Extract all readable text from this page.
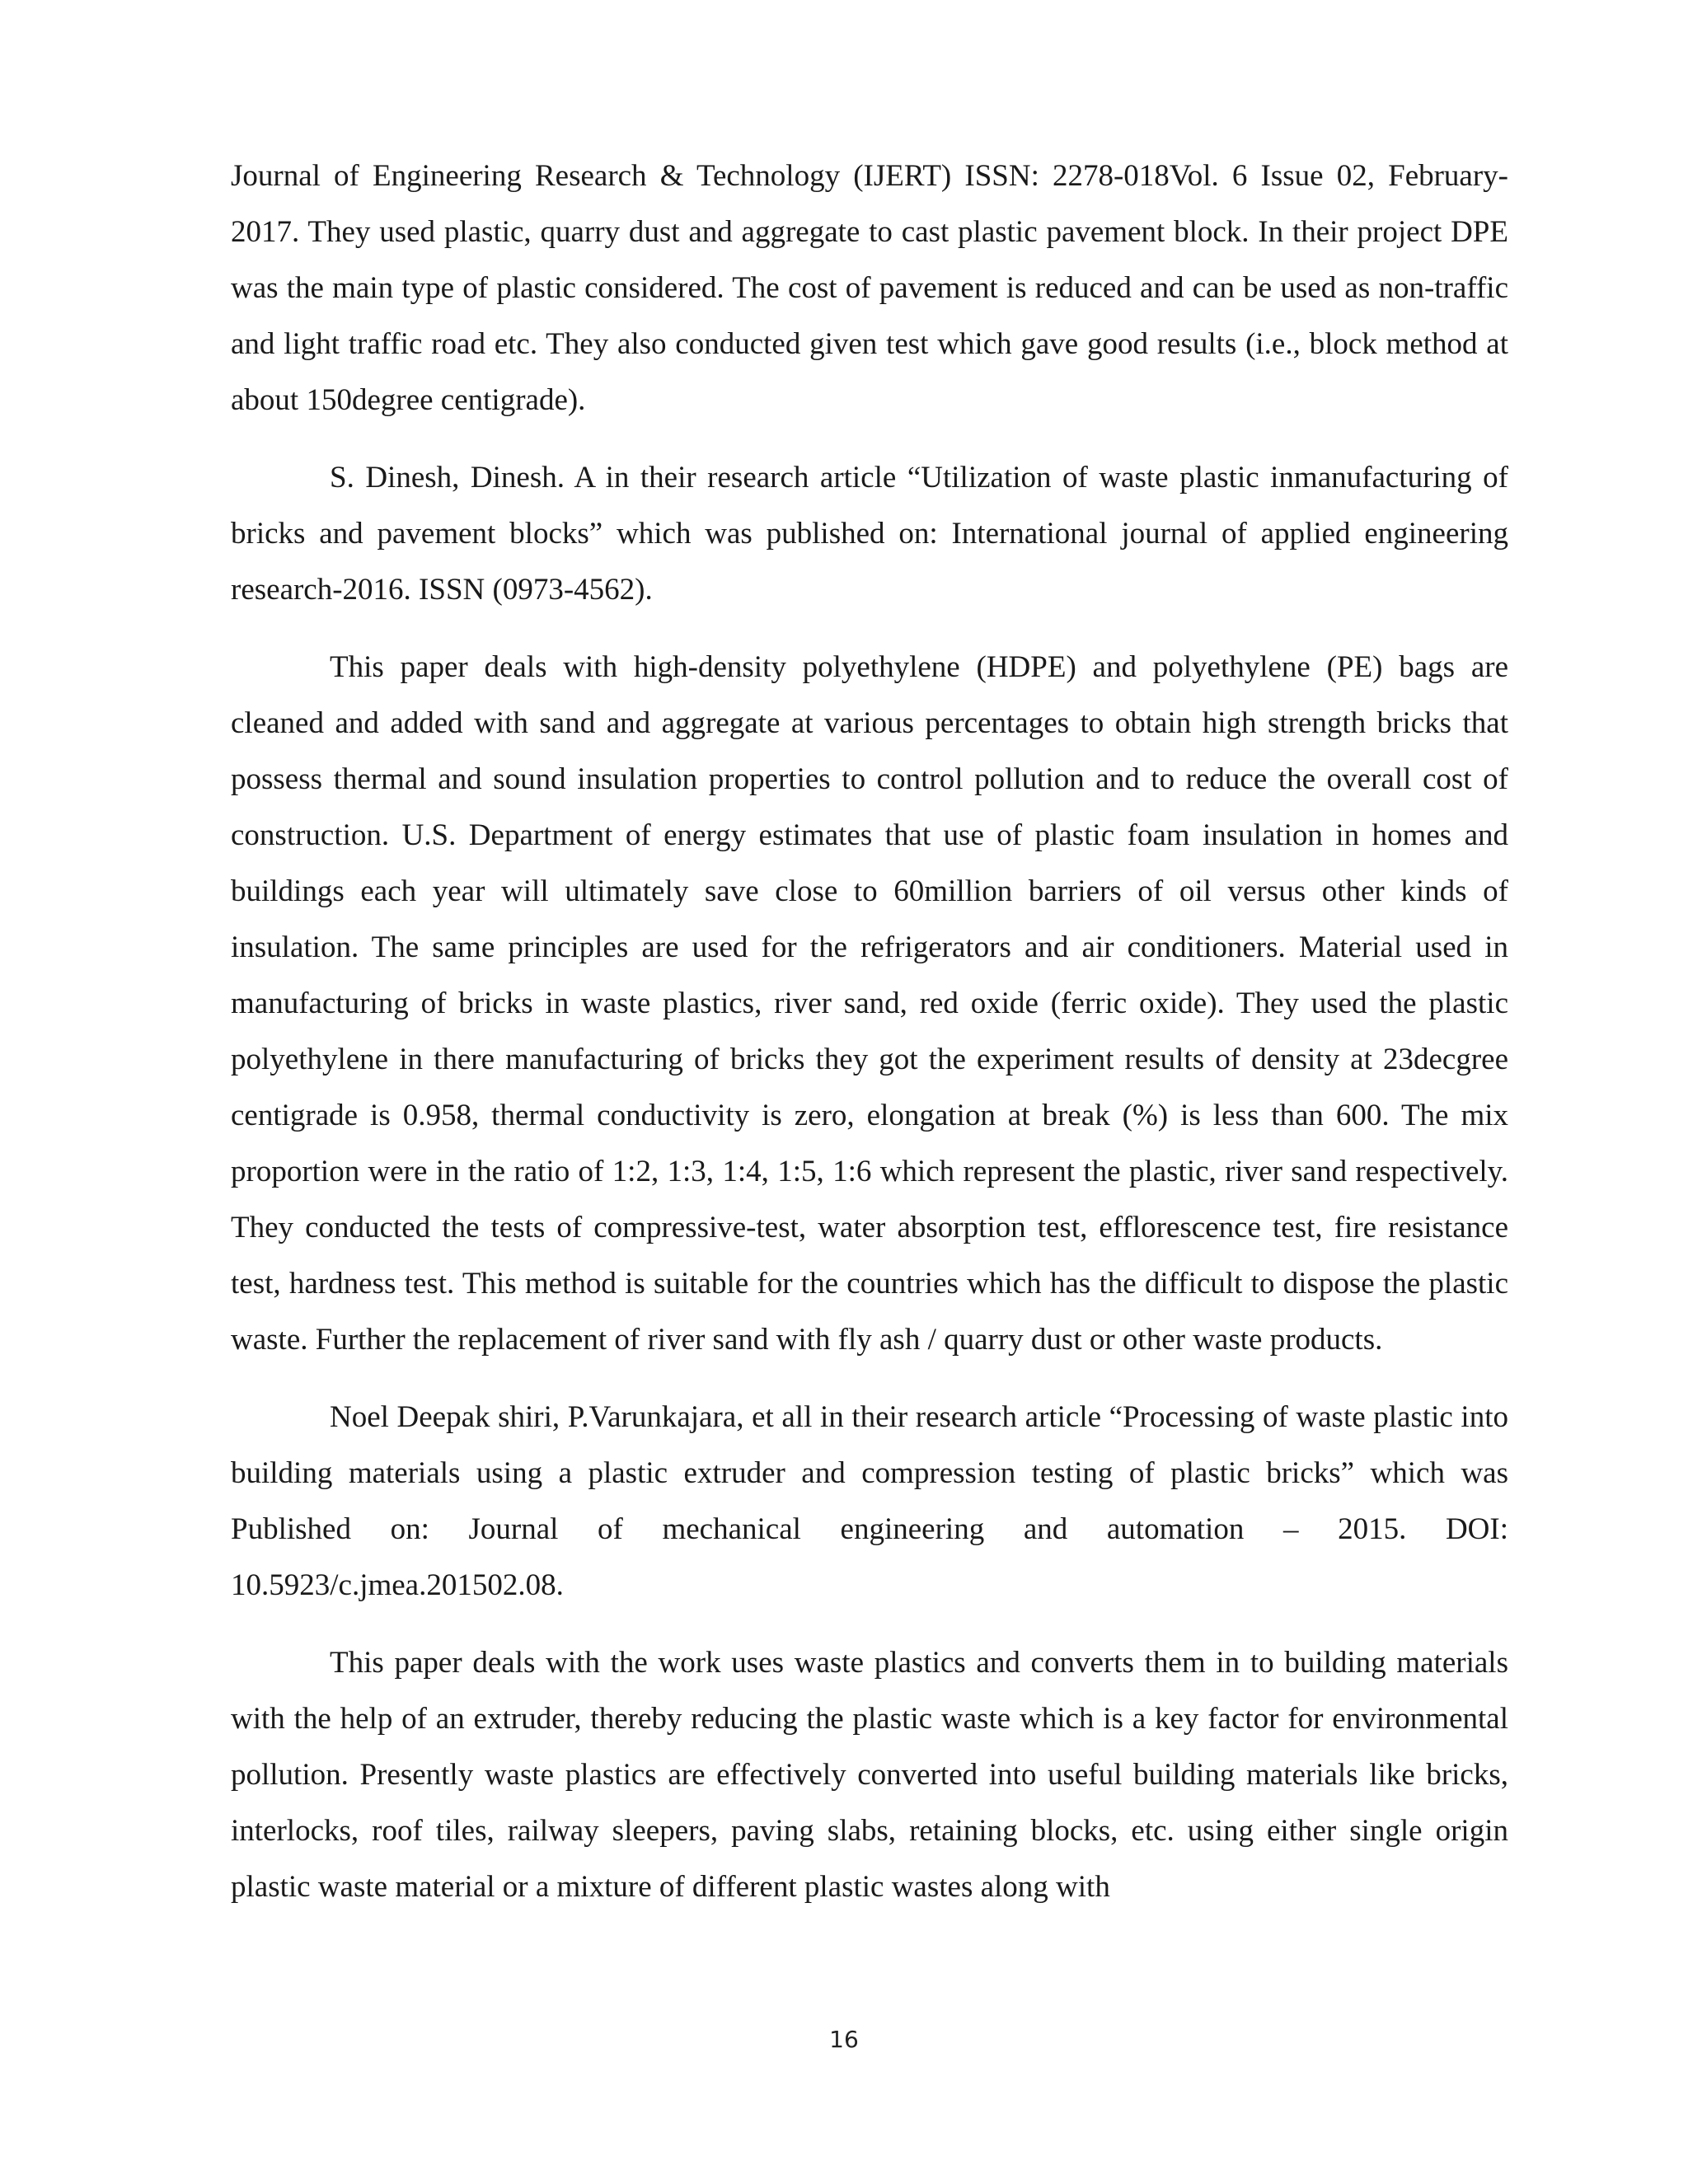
Journal of Engineering Research & Technology (IJERT) ISSN: 2278-018Vol. 6 Issue 02, February-2017. They used plastic, quarry dust and aggregate to cast plastic pavement block. In their project DPE was the main type of plastic considered. The cost of pavement is reduced and can be used as non-traffic and light traffic road etc. They also conducted given test which gave good results (i.e., block method at about 150degree centigrade).

S. Dinesh, Dinesh. A in their research article “Utilization of waste plastic inmanufacturing of bricks and pavement blocks” which was published on: International journal of applied engineering research-2016. ISSN (0973-4562).

This paper deals with high-density polyethylene (HDPE) and polyethylene (PE) bags are cleaned and added with sand and aggregate at various percentages to obtain high strength bricks that possess thermal and sound insulation properties to control pollution and to reduce the overall cost of construction. U.S. Department of energy estimates that use of plastic foam insulation in homes and buildings each year will ultimately save close to 60million barriers of oil versus other kinds of insulation. The same principles are used for the refrigerators and air conditioners. Material used in manufacturing of bricks in waste plastics, river sand, red oxide (ferric oxide). They used the plastic polyethylene in there manufacturing of bricks they got the experiment results of density at 23decgree centigrade is 0.958, thermal conductivity is zero, elongation at break (%) is less than 600. The mix proportion were in the ratio of 1:2, 1:3, 1:4, 1:5, 1:6 which represent the plastic, river sand respectively. They conducted the tests of compressive-test, water absorption test, efflorescence test, fire resistance test, hardness test. This method is suitable for the countries which has the difficult to dispose the plastic waste. Further the replacement of river sand with fly ash / quarry dust or other waste products.

Noel Deepak shiri, P.Varunkajara, et all in their research article “Processing of waste plastic into building materials using a plastic extruder and compression testing of plastic bricks” which was Published on: Journal of mechanical engineering and automation – 2015. DOI: 10.5923/c.jmea.201502.08.

This paper deals with the work uses waste plastics and converts them in to building materials with the help of an extruder, thereby reducing the plastic waste which is a key factor for environmental pollution. Presently waste plastics are effectively converted into useful building materials like bricks, interlocks, roof tiles, railway sleepers, paving slabs, retaining blocks, etc. using either single origin plastic waste material or a mixture of different plastic wastes along with

16
